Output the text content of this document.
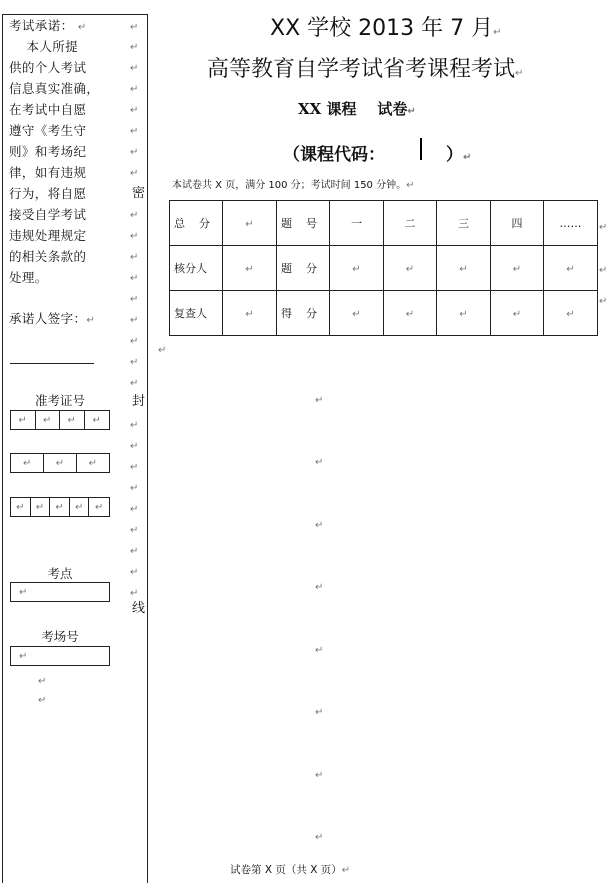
考试承诺： ↵
本人所提
供的个人考试
信息真实准确，
在考试中自愿
遵守《考生守
则》和考场纪
律，如有违规
行为，将自愿
接受自学考试
违规处理规定
的相关条款的
处理。
承诺人签字：↵
↵
↵
↵
↵
↵
↵
↵
↵
↵
↵
↵
↵
↵
↵
↵
↵
↵
↵
↵
↵
↵
↵
↵
↵
↵
↵
密
封
线
准考证号
↵	↵	↵	↵
↵	↵	↵
↵	↵	↵	↵	↵
考点
↵
考场号
↵
↵
↵
XX 学校 2013 年 7 月↵
高等教育自学考试省考课程考试↵
XX 课程    试卷↵
（课程代码：	）↵
本试卷共 X 页，满分 100 分；考试时间 150 分钟。↵
总    分	↵	题    号	一	二	三	四	……
核分人	↵	题    分	↵	↵	↵	↵	↵
复查人	↵	得    分	↵	↵	↵	↵	↵
↵
↵
↵
↵
↵
↵
↵
↵
↵
↵
↵
↵
试卷第 X 页（共 X 页）↵
